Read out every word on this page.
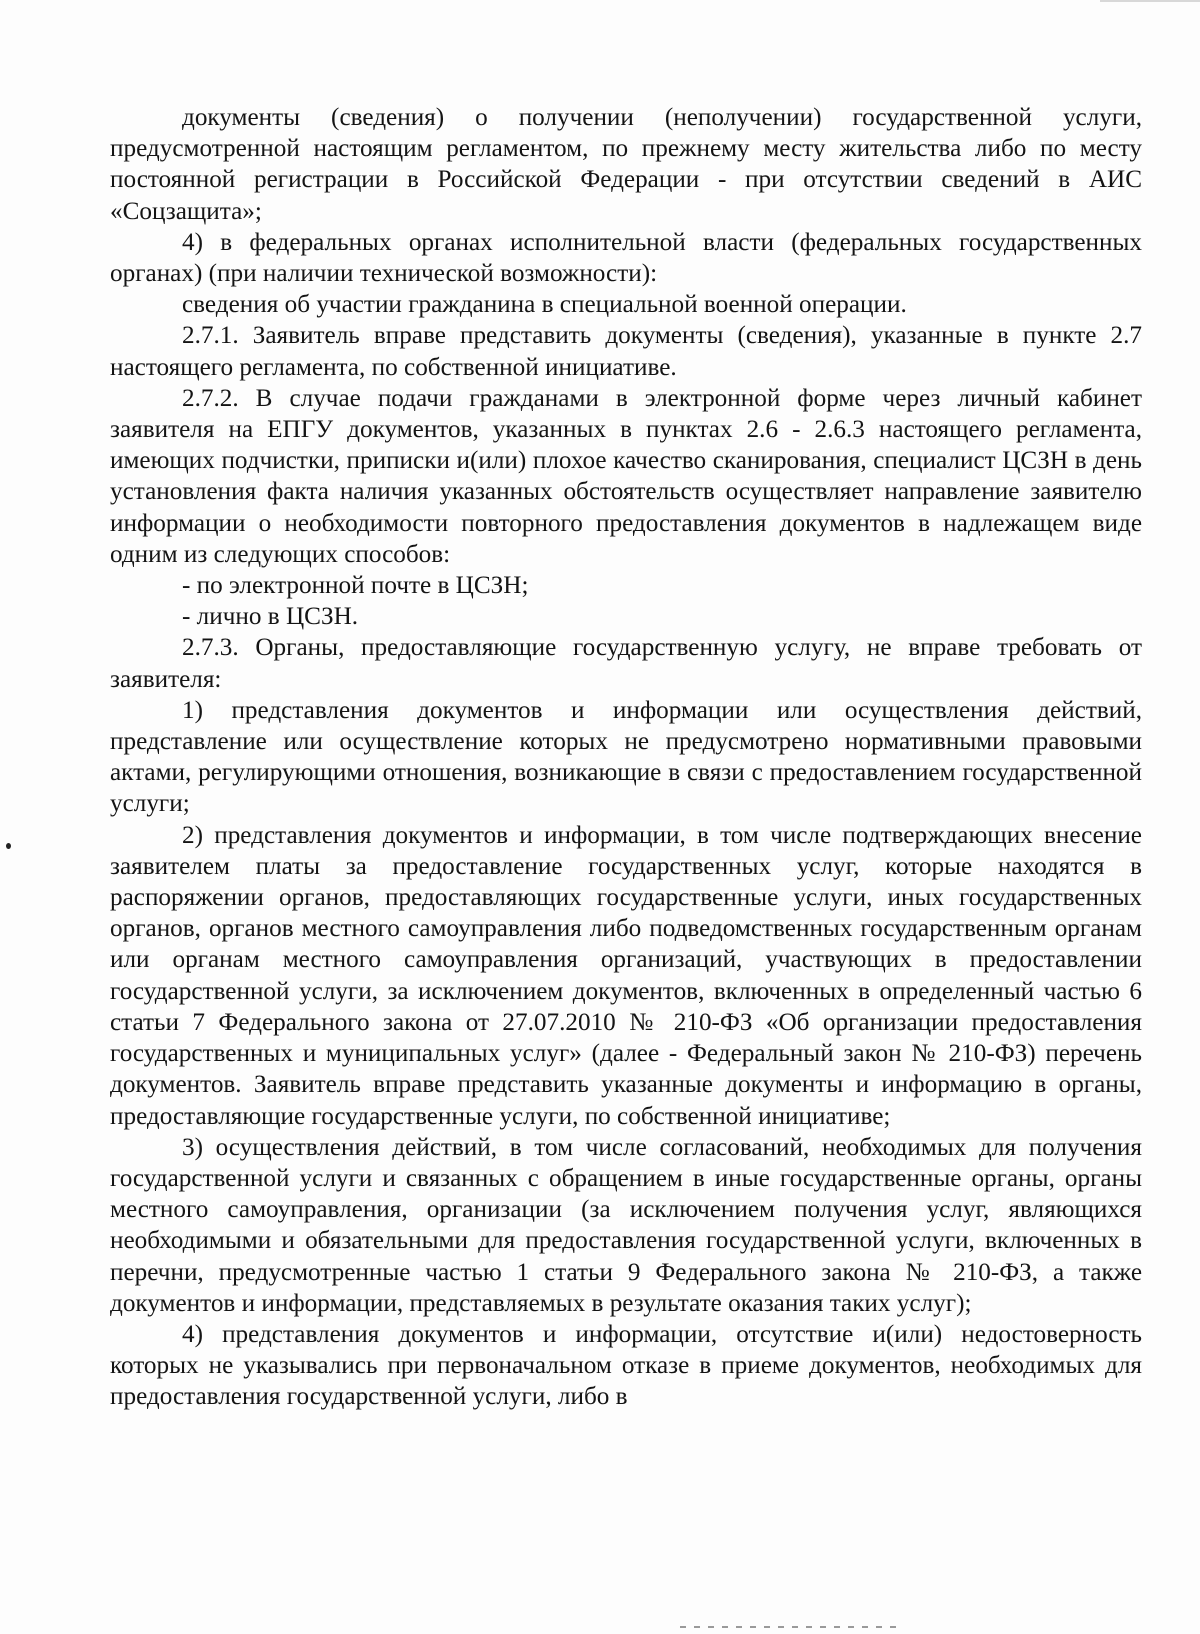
документы (сведения) о получении (неполучении) государственной услуги, предусмотренной настоящим регламентом, по прежнему месту жительства либо по месту постоянной регистрации в Российской Федерации - при отсутствии сведений в АИС «Соцзащита»;

4) в федеральных органах исполнительной власти (федеральных государственных органах) (при наличии технической возможности):

сведения об участии гражданина в специальной военной операции.

2.7.1. Заявитель вправе представить документы (сведения), указанные в пункте 2.7 настоящего регламента, по собственной инициативе.

2.7.2. В случае подачи гражданами в электронной форме через личный кабинет заявителя на ЕПГУ документов, указанных в пунктах 2.6 - 2.6.3 настоящего регламента, имеющих подчистки, приписки и(или) плохое качество сканирования, специалист ЦСЗН в день установления факта наличия указанных обстоятельств осуществляет направление заявителю информации о необходимости повторного предоставления документов в надлежащем виде одним из следующих способов:

- по электронной почте в ЦСЗН;

- лично в ЦСЗН.

2.7.3. Органы, предоставляющие государственную услугу, не вправе требовать от заявителя:

1) представления документов и информации или осуществления действий, представление или осуществление которых не предусмотрено нормативными правовыми актами, регулирующими отношения, возникающие в связи с предоставлением государственной услуги;

2) представления документов и информации, в том числе подтверждающих внесение заявителем платы за предоставление государственных услуг, которые находятся в распоряжении органов, предоставляющих государственные услуги, иных государственных органов, органов местного самоуправления либо подведомственных государственным органам или органам местного самоуправления организаций, участвующих в предоставлении государственной услуги, за исключением документов, включенных в определенный частью 6 статьи 7 Федерального закона от 27.07.2010 № 210-ФЗ «Об организации предоставления государственных и муниципальных услуг» (далее - Федеральный закон № 210-ФЗ) перечень документов. Заявитель вправе представить указанные документы и информацию в органы, предоставляющие государственные услуги, по собственной инициативе;

3) осуществления действий, в том числе согласований, необходимых для получения государственной услуги и связанных с обращением в иные государственные органы, органы местного самоуправления, организации (за исключением получения услуг, являющихся необходимыми и обязательными для предоставления государственной услуги, включенных в перечни, предусмотренные частью 1 статьи 9 Федерального закона № 210-ФЗ, а также документов и информации, представляемых в результате оказания таких услуг);

4) представления документов и информации, отсутствие и(или) недостоверность которых не указывались при первоначальном отказе в приеме документов, необходимых для предоставления государственной услуги, либо в
